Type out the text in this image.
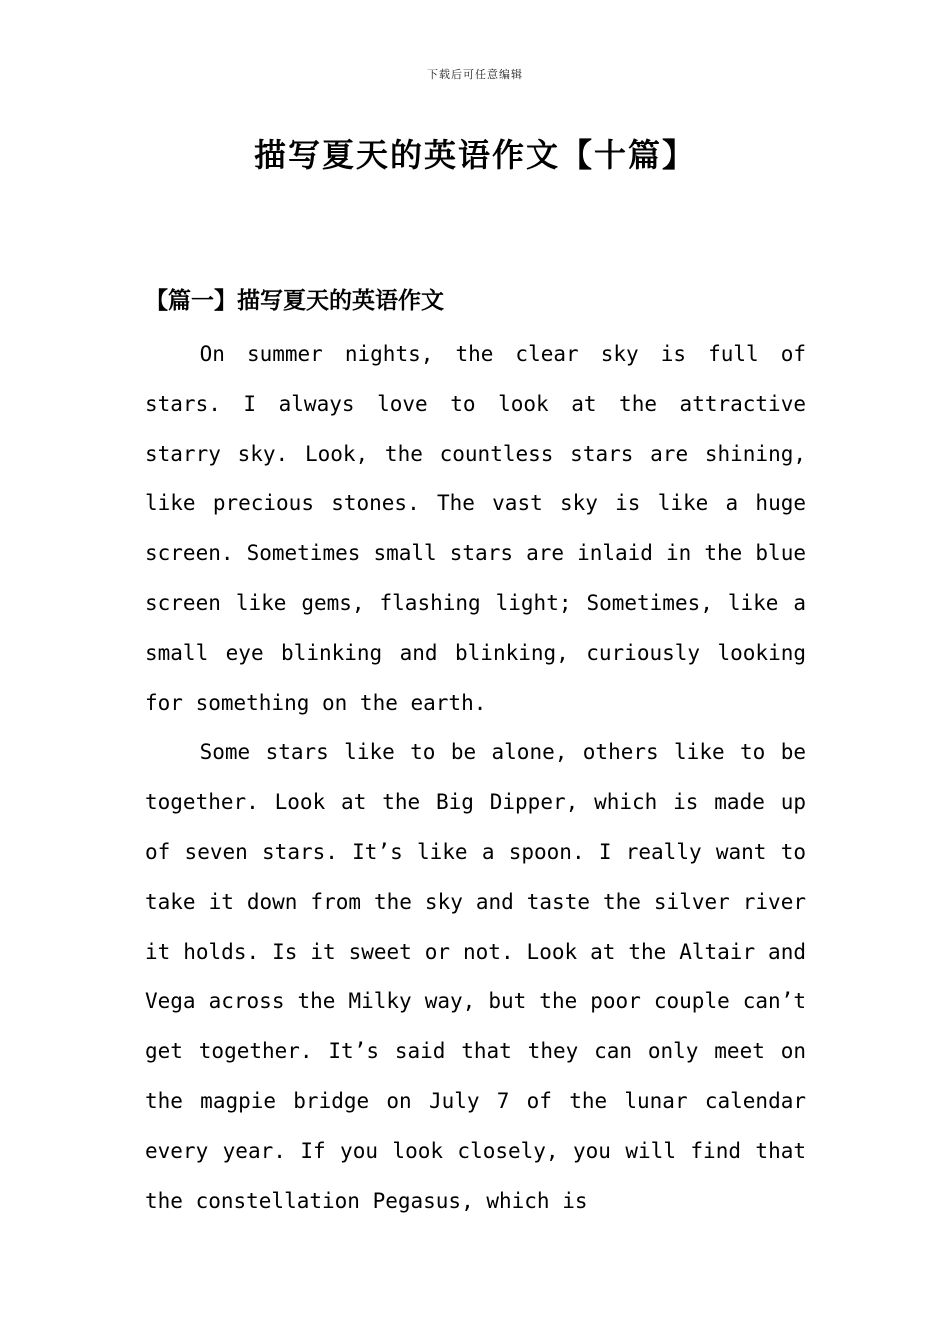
下载后可任意编辑
描写夏天的英语作文【十篇】
【篇一】描写夏天的英语作文

On summer nights, the clear sky is full of stars. I always love to look at the attractive starry sky. Look, the countless stars are shining, like precious stones. The vast sky is like a huge screen. Sometimes small stars are inlaid in the blue screen like gems, flashing light; Sometimes, like a small eye blinking and blinking, curiously looking for something on the earth.

Some stars like to be alone, others like to be together. Look at the Big Dipper, which is made up of seven stars. It’s like a spoon. I really want to take it down from the sky and taste the silver river it holds. Is it sweet or not. Look at the Altair and Vega across the Milky way, but the poor couple can’t get together. It’s said that they can only meet on the magpie bridge on July 7 of the lunar calendar every year. If you look closely, you will find that the constellation Pegasus, which is
